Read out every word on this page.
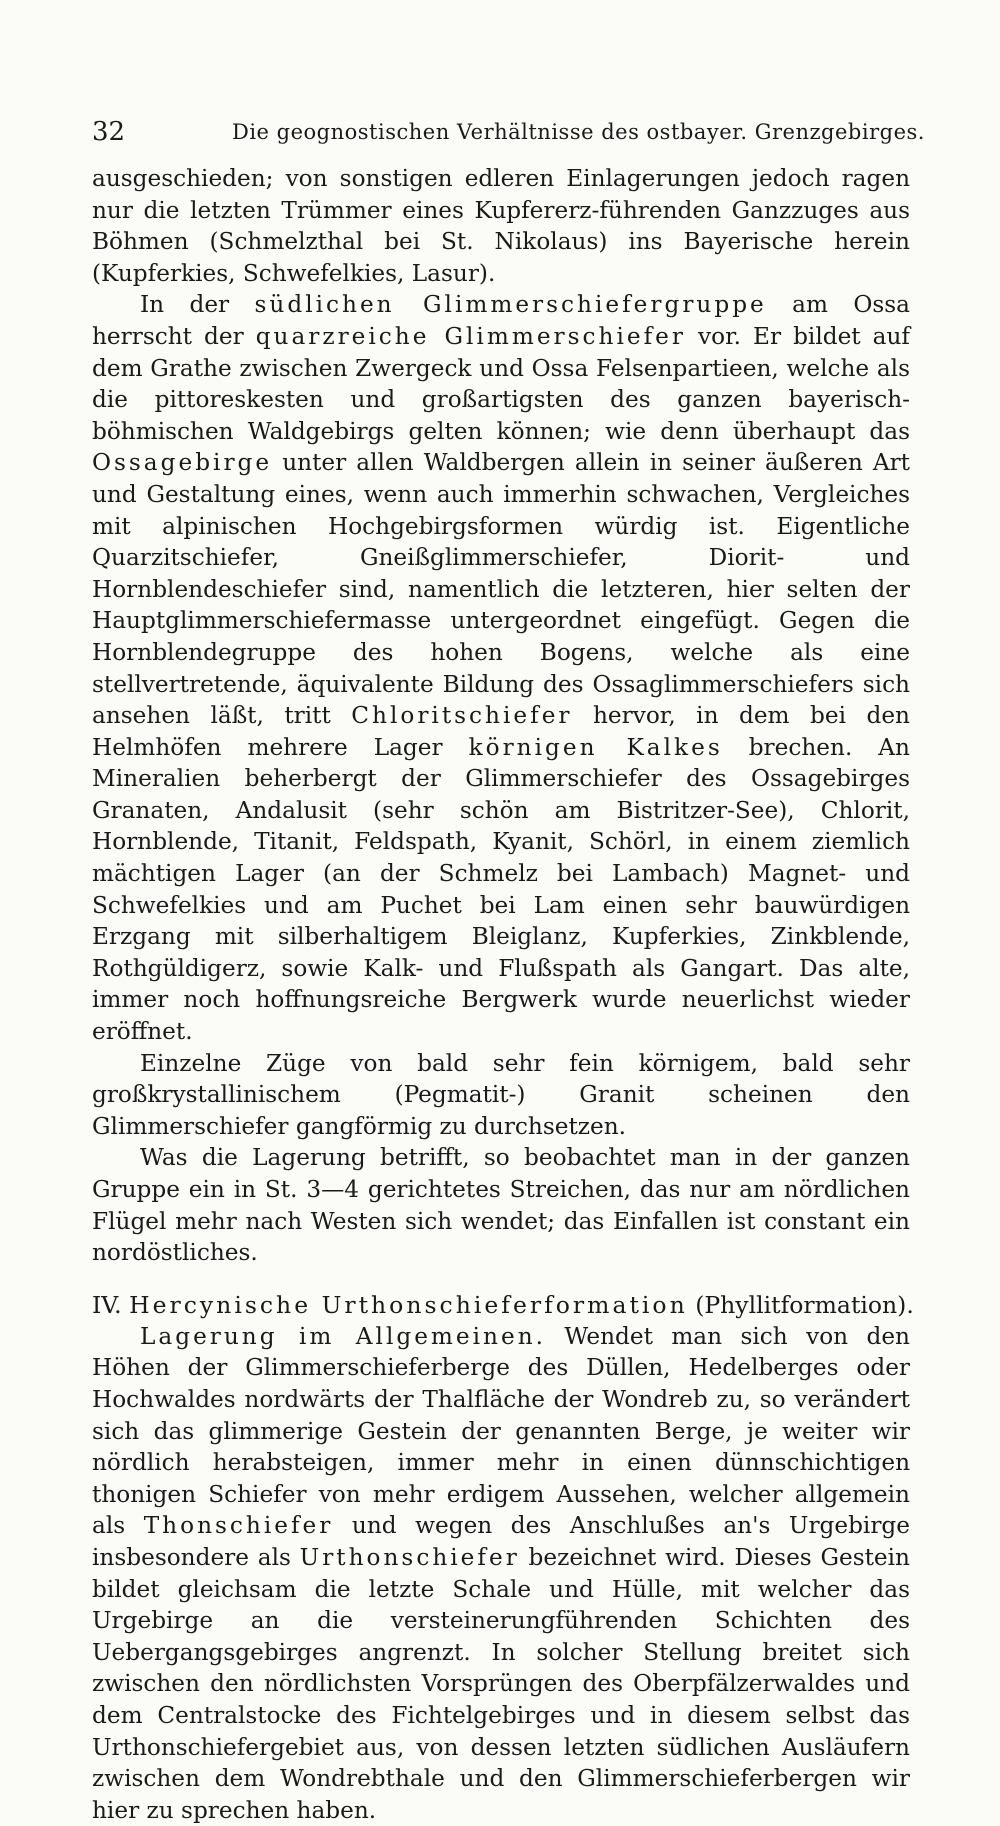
32	Die geognostischen Verhältnisse des ostbayer. Grenzgebirges.

ausgeschieden; von sonstigen edleren Einlagerungen jedoch ragen nur die letzten Trümmer eines Kupfererz-führenden Ganzzuges aus Böhmen (Schmelzthal bei St. Nikolaus) ins Bayerische herein (Kupferkies, Schwefelkies, Lasur).

In der südlichen Glimmerschiefergruppe am Ossa herrscht der quarzreiche Glimmerschiefer vor. Er bildet auf dem Grathe zwischen Zwergeck und Ossa Felsenpartieen, welche als die pittoreskesten und großartigsten des ganzen bayerisch-böhmischen Waldgebirgs gelten können; wie denn überhaupt das Ossagebirge unter allen Waldbergen allein in seiner äußeren Art und Gestaltung eines, wenn auch immerhin schwachen, Vergleiches mit alpinischen Hochgebirgsformen würdig ist. Eigentliche Quarzitschiefer, Gneißglimmerschiefer, Diorit- und Hornblendeschiefer sind, namentlich die letzteren, hier selten der Hauptglimmerschiefermasse untergeordnet eingefügt. Gegen die Hornblendegruppe des hohen Bogens, welche als eine stellvertretende, äquivalente Bildung des Ossaglimmerschiefers sich ansehen läßt, tritt Chloritschiefer hervor, in dem bei den Helmhöfen mehrere Lager körnigen Kalkes brechen. An Mineralien beherbergt der Glimmerschiefer des Ossagebirges Granaten, Andalusit (sehr schön am Bistritzer-See), Chlorit, Hornblende, Titanit, Feldspath, Kyanit, Schörl, in einem ziemlich mächtigen Lager (an der Schmelz bei Lambach) Magnet- und Schwefelkies und am Puchet bei Lam einen sehr bauwürdigen Erzgang mit silberhaltigem Bleiglanz, Kupferkies, Zinkblende, Rothgüldigerz, sowie Kalk- und Flußspath als Gangart. Das alte, immer noch hoffnungsreiche Bergwerk wurde neuerlichst wieder eröffnet.

Einzelne Züge von bald sehr fein körnigem, bald sehr großkrystallinischem (Pegmatit-) Granit scheinen den Glimmerschiefer gangförmig zu durchsetzen.

Was die Lagerung betrifft, so beobachtet man in der ganzen Gruppe ein in St. 3—4 gerichtetes Streichen, das nur am nördlichen Flügel mehr nach Westen sich wendet; das Einfallen ist constant ein nordöstliches.

IV. Hercynische Urthonschieferformation (Phyllitformation).

Lagerung im Allgemeinen. Wendet man sich von den Höhen der Glimmerschieferberge des Düllen, Hedelberges oder Hochwaldes nordwärts der Thalfläche der Wondreb zu, so verändert sich das glimmerige Gestein der genannten Berge, je weiter wir nördlich herabsteigen, immer mehr in einen dünnschichtigen thonigen Schiefer von mehr erdigem Aussehen, welcher allgemein als Thonschiefer und wegen des Anschlußes an's Urgebirge insbesondere als Urthonschiefer bezeichnet wird. Dieses Gestein bildet gleichsam die letzte Schale und Hülle, mit welcher das Urgebirge an die versteinerungführenden Schichten des Uebergangsgebirges angrenzt. In solcher Stellung breitet sich zwischen den nördlichsten Vorsprüngen des Oberpfälzerwaldes und dem Centralstocke des Fichtelgebirges und in diesem selbst das Urthonschiefergebiet aus, von dessen letzten südlichen Ausläufern zwischen dem Wondrebthale und den Glimmerschieferbergen wir hier zu sprechen haben.
